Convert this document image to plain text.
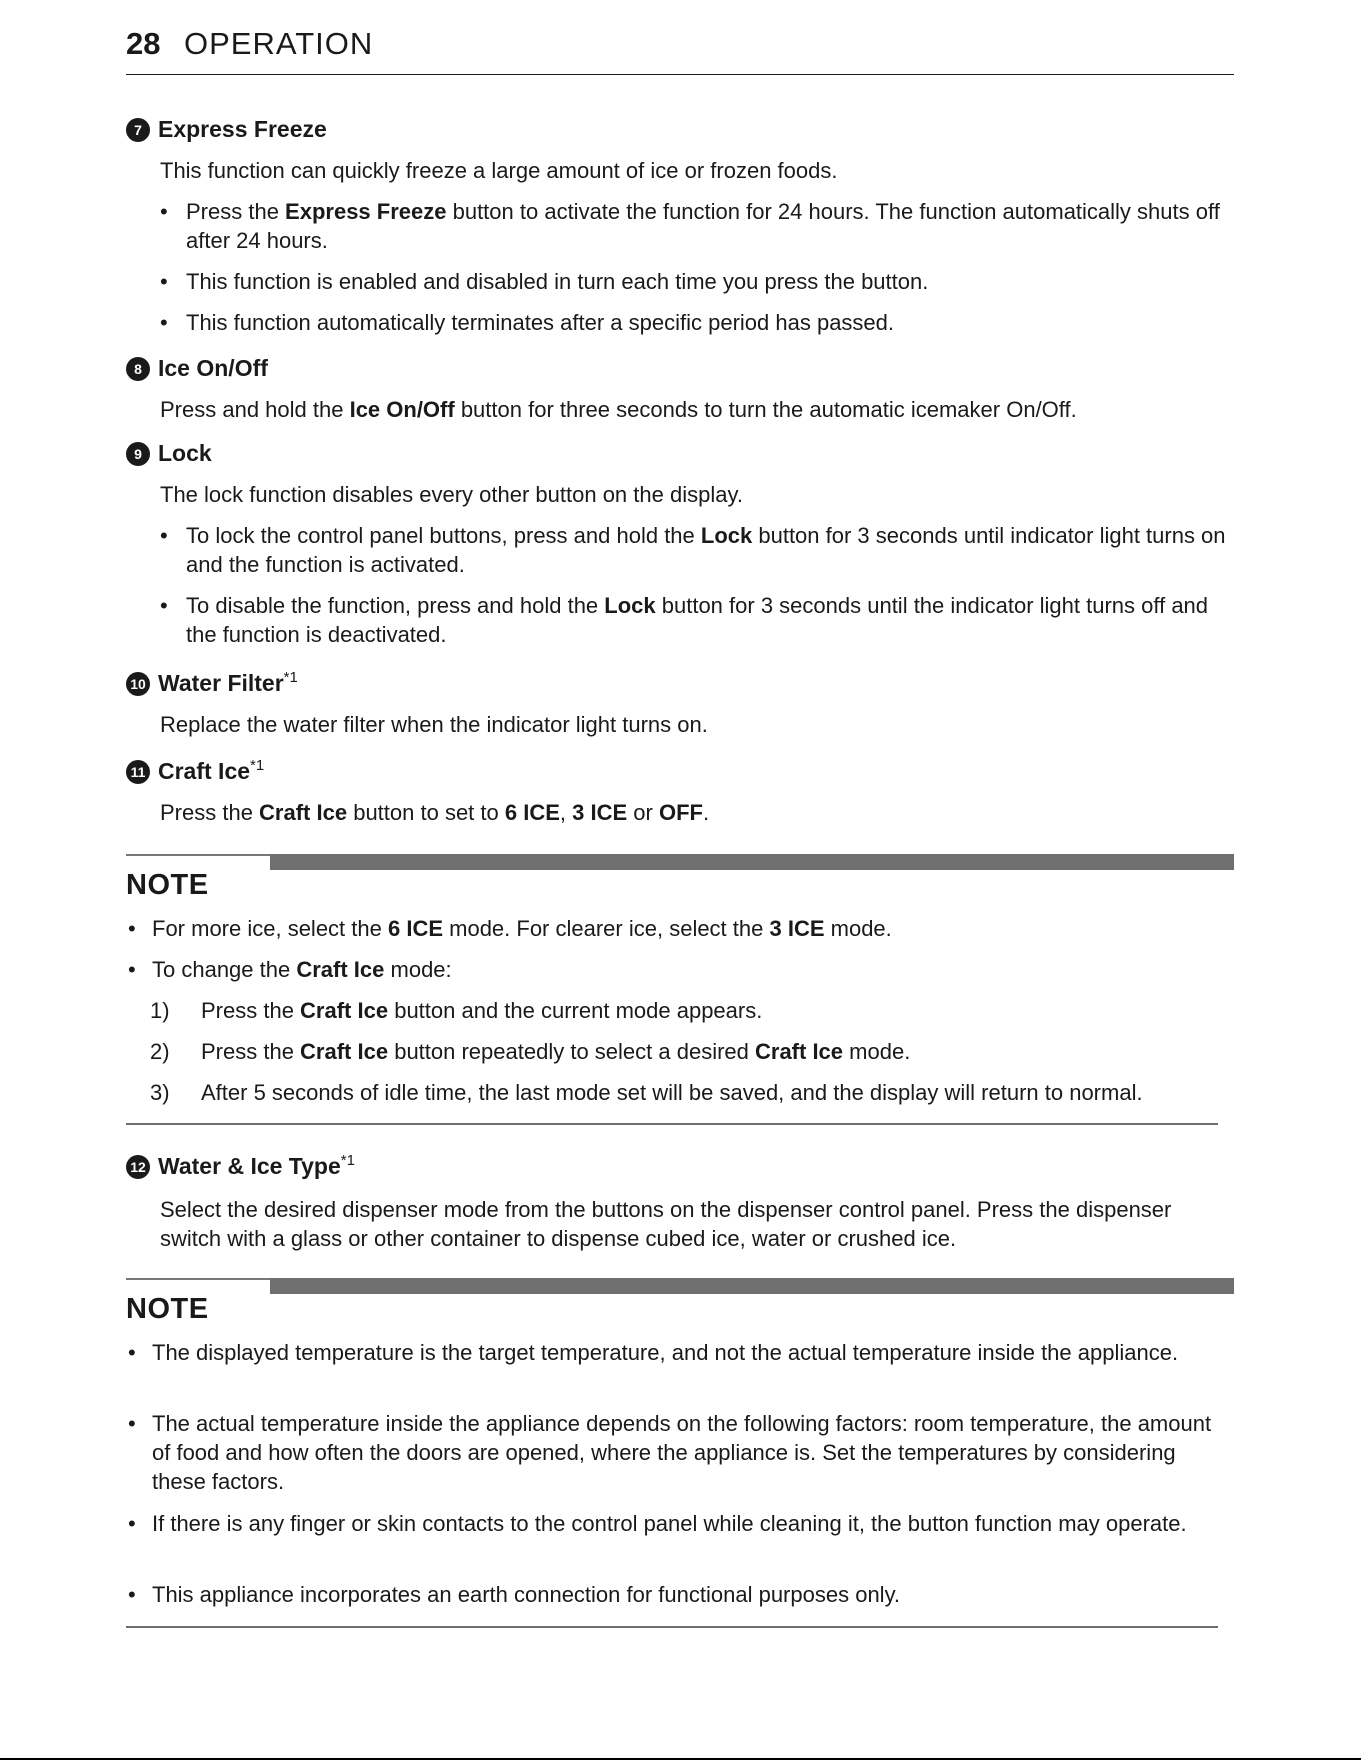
28 OPERATION
7 Express Freeze
This function can quickly freeze a large amount of ice or frozen foods.
• Press the Express Freeze button to activate the function for 24 hours. The function automatically shuts off after 24 hours.
• This function is enabled and disabled in turn each time you press the button.
• This function automatically terminates after a specific period has passed.
8 Ice On/Off
Press and hold the Ice On/Off button for three seconds to turn the automatic icemaker On/Off.
9 Lock
The lock function disables every other button on the display.
• To lock the control panel buttons, press and hold the Lock button for 3 seconds until indicator light turns on and the function is activated.
• To disable the function, press and hold the Lock button for 3 seconds until the indicator light turns off and the function is deactivated.
10 Water Filter$^{*1}$
Replace the water filter when the indicator light turns on.
11 Craft Ice$^{*1}$
Press the Craft Ice button to set to 6 ICE, 3 ICE or OFF.
NOTE
• For more ice, select the 6 ICE mode. For clearer ice, select the 3 ICE mode.
• To change the Craft Ice mode:
1) Press the Craft Ice button and the current mode appears.
2) Press the Craft Ice button repeatedly to select a desired Craft Ice mode.
3) After 5 seconds of idle time, the last mode set will be saved, and the display will return to normal.
12 Water & Ice Type$^{*1}$
Select the desired dispenser mode from the buttons on the dispenser control panel. Press the dispenser switch with a glass or other container to dispense cubed ice, water or crushed ice.
NOTE
• The displayed temperature is the target temperature, and not the actual temperature inside the appliance.
• The actual temperature inside the appliance depends on the following factors: room temperature, the amount of food and how often the doors are opened, where the appliance is. Set the temperatures by considering these factors.
• If there is any finger or skin contacts to the control panel while cleaning it, the button function may operate.
• This appliance incorporates an earth connection for functional purposes only.
